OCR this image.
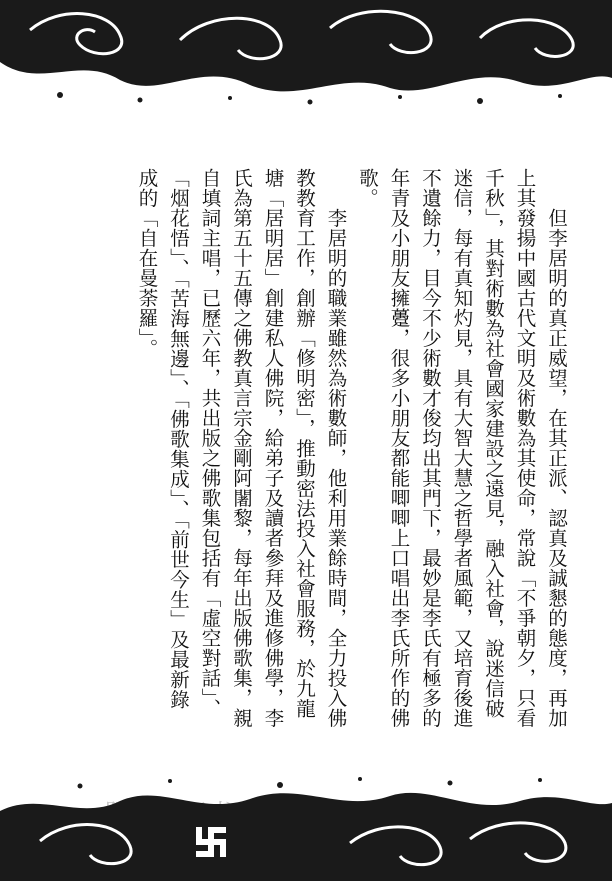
　　但李居明的真正威望，在其正派、認真及誠懇的態度，再加上其發揚中國古代文明及術數為其使命，常說「不爭朝夕，只看千秋」，其對術數為社會國家建設之遠見，融入社會，說迷信破迷信，每有真知灼見，具有大智大慧之哲學者風範，又培育後進不遺餘力，目今不少術數才俊均出其門下，最妙是李氏有極多的年青及小朋友擁躉，很多小朋友都能唧唧上口唱出李氏所作的佛歌。

　　李居明的職業雖然為術數師，他利用業餘時間，全力投入佛教教育工作，創辦「修明密」，推動密法投入社會服務，於九龍塘「居明居」創建私人佛院，給弟子及讀者參拜及進修佛學，李氏為第五十五傳之佛教真言宗金剛阿闍黎，每年出版佛歌集，親自填詞主唱，已歷六年，共出版之佛歌集包括有「虛空對話」、「烟花悟」、「苦海無邊」、「佛歌集成」、「前世今生」及最新錄成的「自在曼荼羅」。
